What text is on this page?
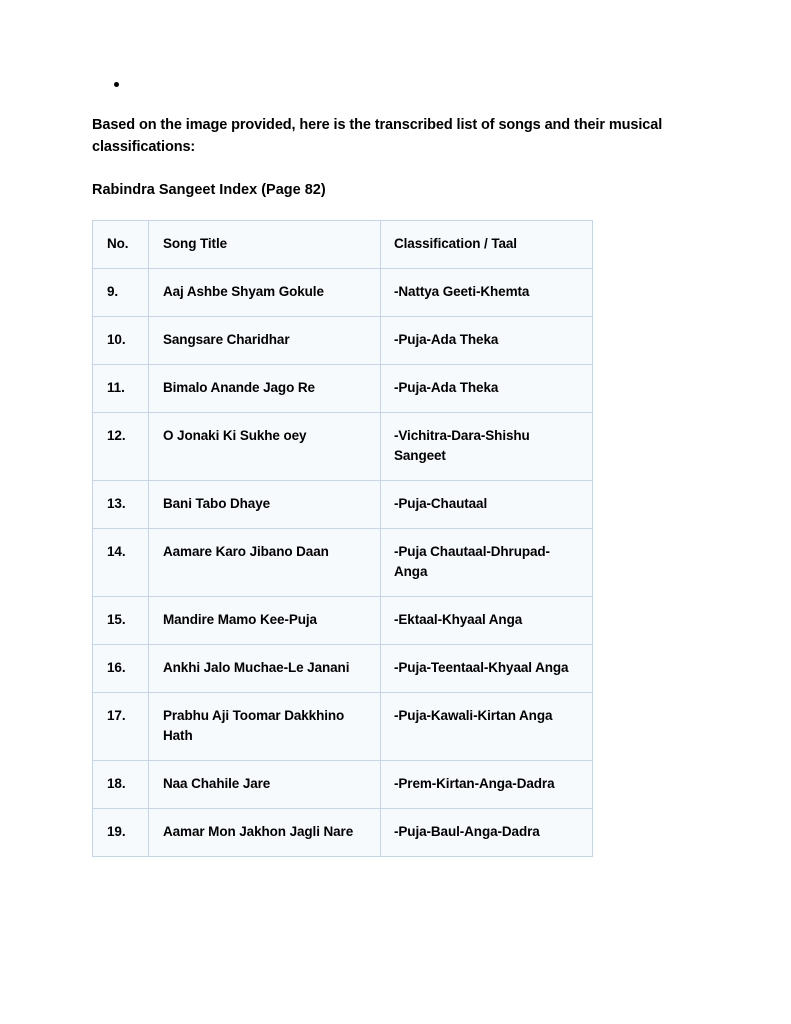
Based on the image provided, here is the transcribed list of songs and their musical classifications:

Rabindra Sangeet Index (Page 82)

No.	Song Title	Classification / Taal
9.	Aaj Ashbe Shyam Gokule	-Nattya Geeti-Khemta
10.	Sangsare Charidhar	-Puja-Ada Theka
11.	Bimalo Anande Jago Re	-Puja-Ada Theka
12.	O Jonaki Ki Sukhe oey	-Vichitra-Dara-Shishu Sangeet
13.	Bani Tabo Dhaye	-Puja-Chautaal
14.	Aamare Karo Jibano Daan	-Puja Chautaal-Dhrupad-Anga
15.	Mandire Mamo Kee-Puja	-Ektaal-Khyaal Anga
16.	Ankhi Jalo Muchae-Le Janani	-Puja-Teentaal-Khyaal Anga
17.	Prabhu Aji Toomar Dakkhino Hath	-Puja-Kawali-Kirtan Anga
18.	Naa Chahile Jare	-Prem-Kirtan-Anga-Dadra
19.	Aamar Mon Jakhon Jagli Nare	-Puja-Baul-Anga-Dadra
